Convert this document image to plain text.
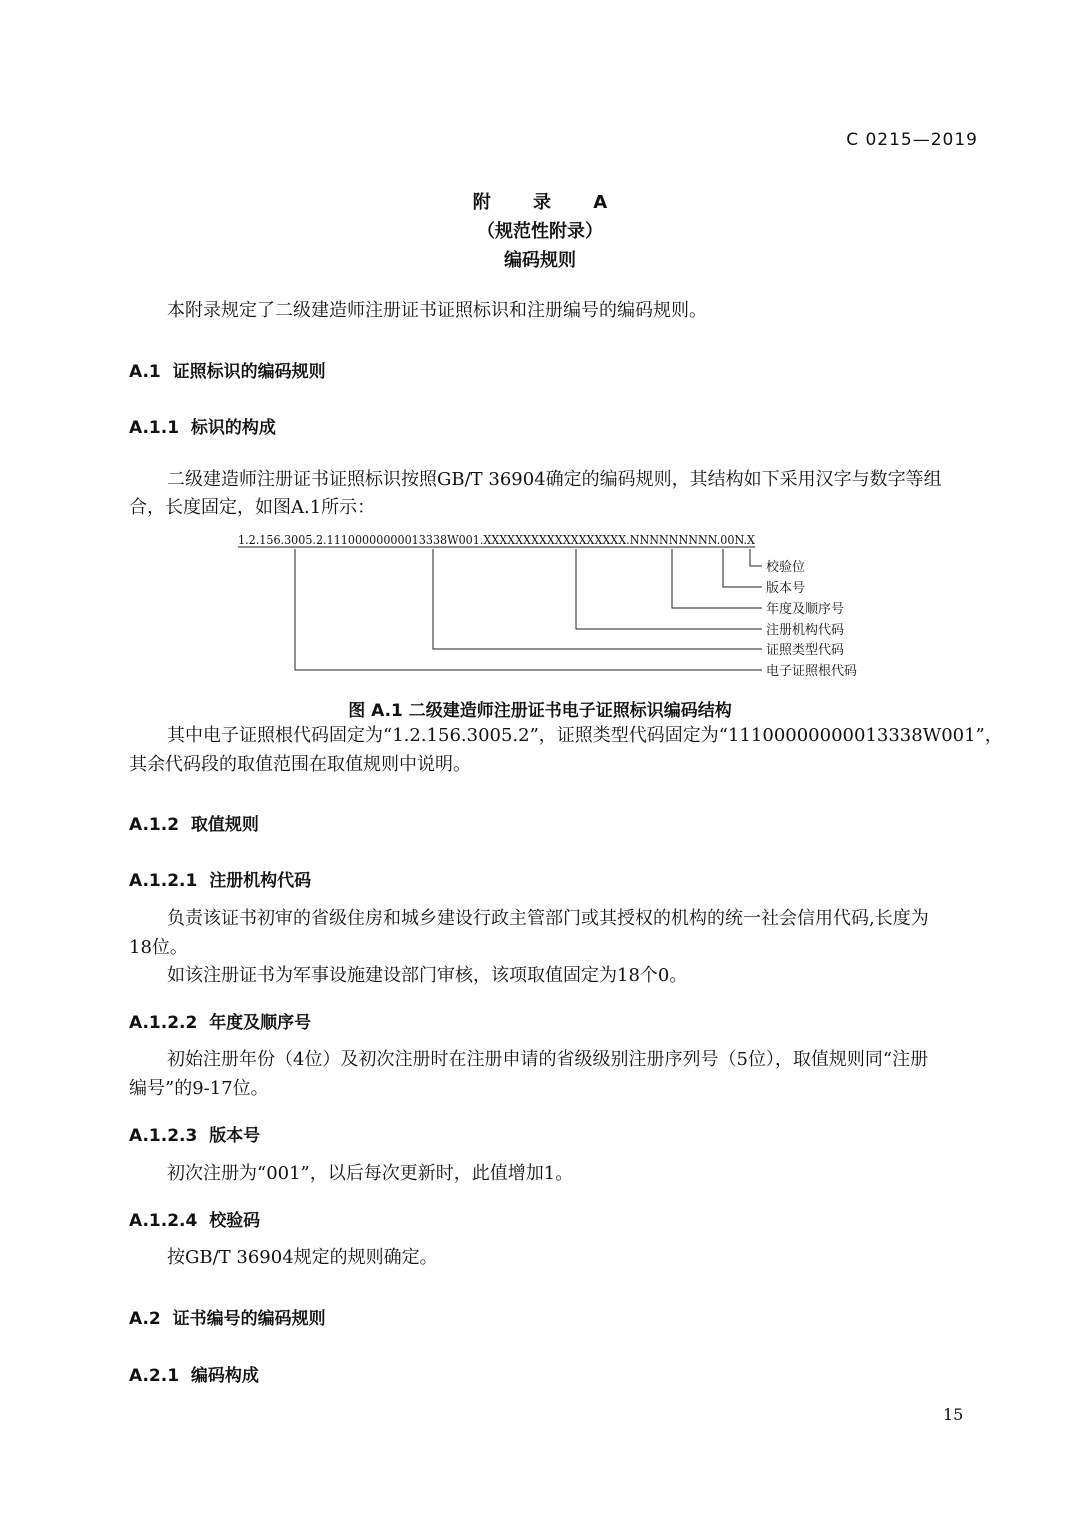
C 0215—2019
附 录 A
（规范性附录）
编码规则
本附录规定了二级建造师注册证书证照标识和注册编号的编码规则。
A.1 证照标识的编码规则
A.1.1 标识的构成
二级建造师注册证书证照标识按照GB/T 36904确定的编码规则，其结构如下采用汉字与数字等组
合，长度固定，如图A.1所示：
1.2.156.3005.2.11100000000013338W001.XXXXXXXXXXXXXXXXXX.NNNNNNNNN.00N.X
校验位
版本号
年度及顺序号
注册机构代码
证照类型代码
电子证照根代码
图 A.1 二级建造师注册证书电子证照标识编码结构
其中电子证照根代码固定为“1.2.156.3005.2”，证照类型代码固定为“11100000000013338W001”，
其余代码段的取值范围在取值规则中说明。
A.1.2 取值规则
A.1.2.1 注册机构代码
负责该证书初审的省级住房和城乡建设行政主管部门或其授权的机构的统一社会信用代码,长度为
18位。
如该注册证书为军事设施建设部门审核，该项取值固定为18个0。
A.1.2.2 年度及顺序号
初始注册年份（4位）及初次注册时在注册申请的省级级别注册序列号（5位），取值规则同“注册
编号”的9-17位。
A.1.2.3 版本号
初次注册为“001”，以后每次更新时，此值增加1。
A.1.2.4 校验码
按GB/T 36904规定的规则确定。
A.2 证书编号的编码规则
A.2.1 编码构成
15
